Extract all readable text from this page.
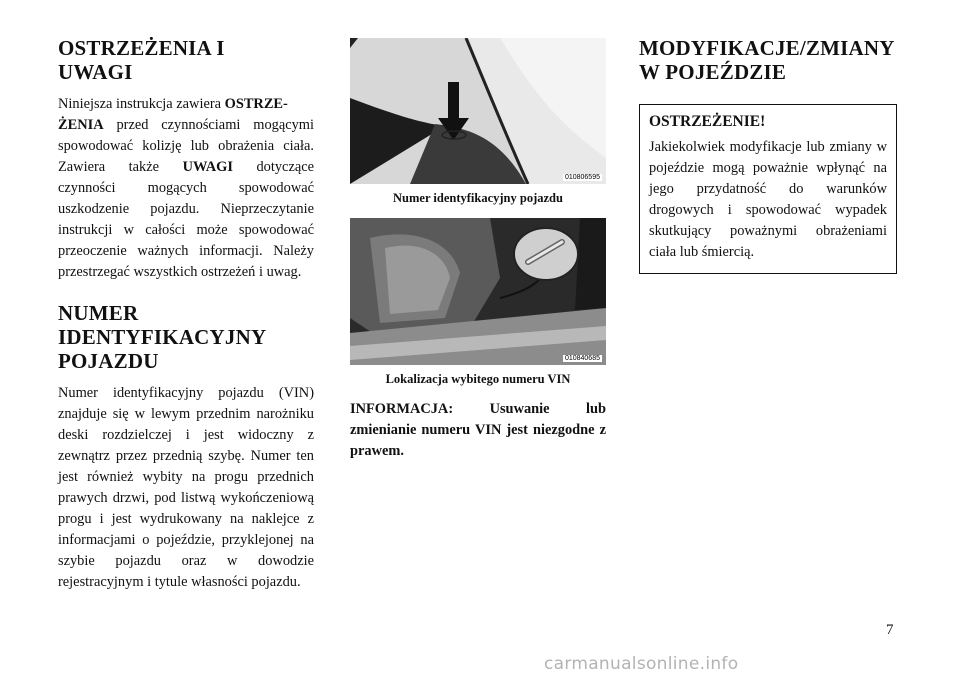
OSTRZEŻENIA I
UWAGI

Niniejsza instrukcja zawiera OSTRZE-
ŻENIA przed czynnościami mogącymi spowodować kolizję lub obrażenia ciała. Zawiera także UWAGI dotyczące czynności mogących spowodować uszkodzenie pojazdu. Nieprzeczytanie instrukcji w całości może spowodować przeoczenie ważnych informacji. Należy przestrzegać wszystkich ostrzeżeń i uwag.

NUMER
IDENTYFIKACYJNY
POJAZDU

Numer identyfikacyjny pojazdu (VIN) znajduje się w lewym przednim narożniku deski rozdzielczej i jest widoczny z zewnątrz przez przednią szybę. Numer ten jest również wybity na progu przednich prawych drzwi, pod listwą wykończeniową progu i jest wydrukowany na naklejce z informacjami o pojeździe, przyklejonej na szybie pojazdu oraz w dowodzie rejestracyjnym i tytule własności pojazdu.

010806595
Numer identyfikacyjny pojazdu
010840685
Lokalizacja wybitego numeru VIN

INFORMACJA: Usuwanie lub zmienianie numeru VIN jest niezgodne z prawem.

MODYFIKACJE/ZMIANY
W POJEŹDZIE
OSTRZEŻENIE!

Jakiekolwiek modyfikacje lub zmiany w pojeździe mogą poważnie wpłynąć na jego przydatność do warunków drogowych i spowodować wypadek skutkujący poważnymi obrażeniami ciała lub śmiercią.

7
carmanualsonline.info
